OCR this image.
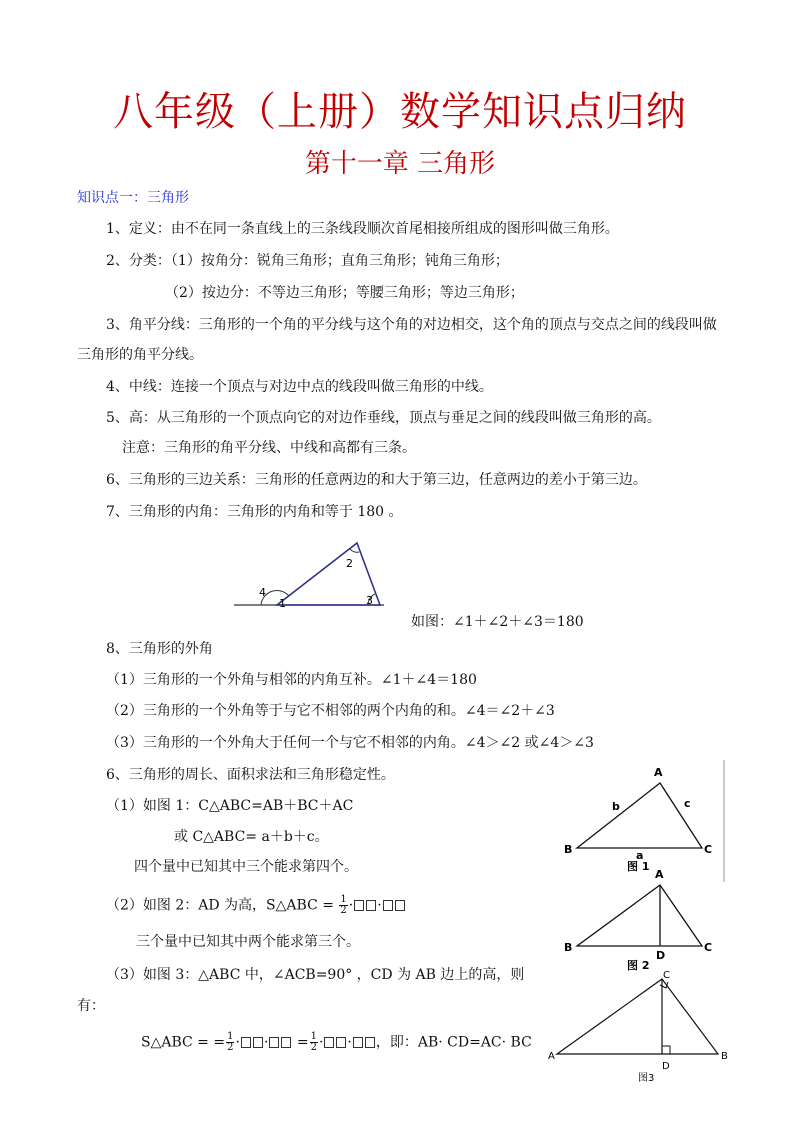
八年级（上册）数学知识点归纳
第十一章 三角形
知识点一：三角形
1、定义：由不在同一条直线上的三条线段顺次首尾相接所组成的图形叫做三角形。
2、分类：（1）按角分：锐角三角形；直角三角形；钝角三角形；
（2）按边分：不等边三角形；等腰三角形；等边三角形；
3、角平分线：三角形的一个角的平分线与这个角的对边相交，这个角的顶点与交点之间的线段叫做
三角形的角平分线。
4、中线：连接一个顶点与对边中点的线段叫做三角形的中线。
5、高：从三角形的一个顶点向它的对边作垂线，顶点与垂足之间的线段叫做三角形的高。
注意：三角形的角平分线、中线和高都有三条。
6、三角形的三边关系：三角形的任意两边的和大于第三边，任意两边的差小于第三边。
7、三角形的内角：三角形的内角和等于 180 。
4
1
2
3
如图：∠1＋∠2＋∠3＝180
8、三角形的外角
（1）三角形的一个外角与相邻的内角互补。∠1＋∠4＝180
（2）三角形的一个外角等于与它不相邻的两个内角的和。∠4＝∠2＋∠3
（3）三角形的一个外角大于任何一个与它不相邻的内角。∠4＞∠2 或∠4＞∠3
6、三角形的周长、面积求法和三角形稳定性。
（1）如图 1：C△ABC=AB＋BC＋AC
或 C△ABC= a＋b＋c。
四个量中已知其中三个能求第四个。
（2）如图 2：AD 为高，S△ABC = $\frac{1}{2}$ · ·
三个量中已知其中两个能求第三个。
（3）如图 3：△ABC 中，∠ACB=90° ，CD 为 AB 边上的高，则
有：
S△ABC = = $\frac{1}{2}$ · · = $\frac{1}{2}$ · · ，即：AB· CD=AC· BC
A
B	C
b	c
a
图 1
A
B	C
D
图 2
C
A	B
D
图3
